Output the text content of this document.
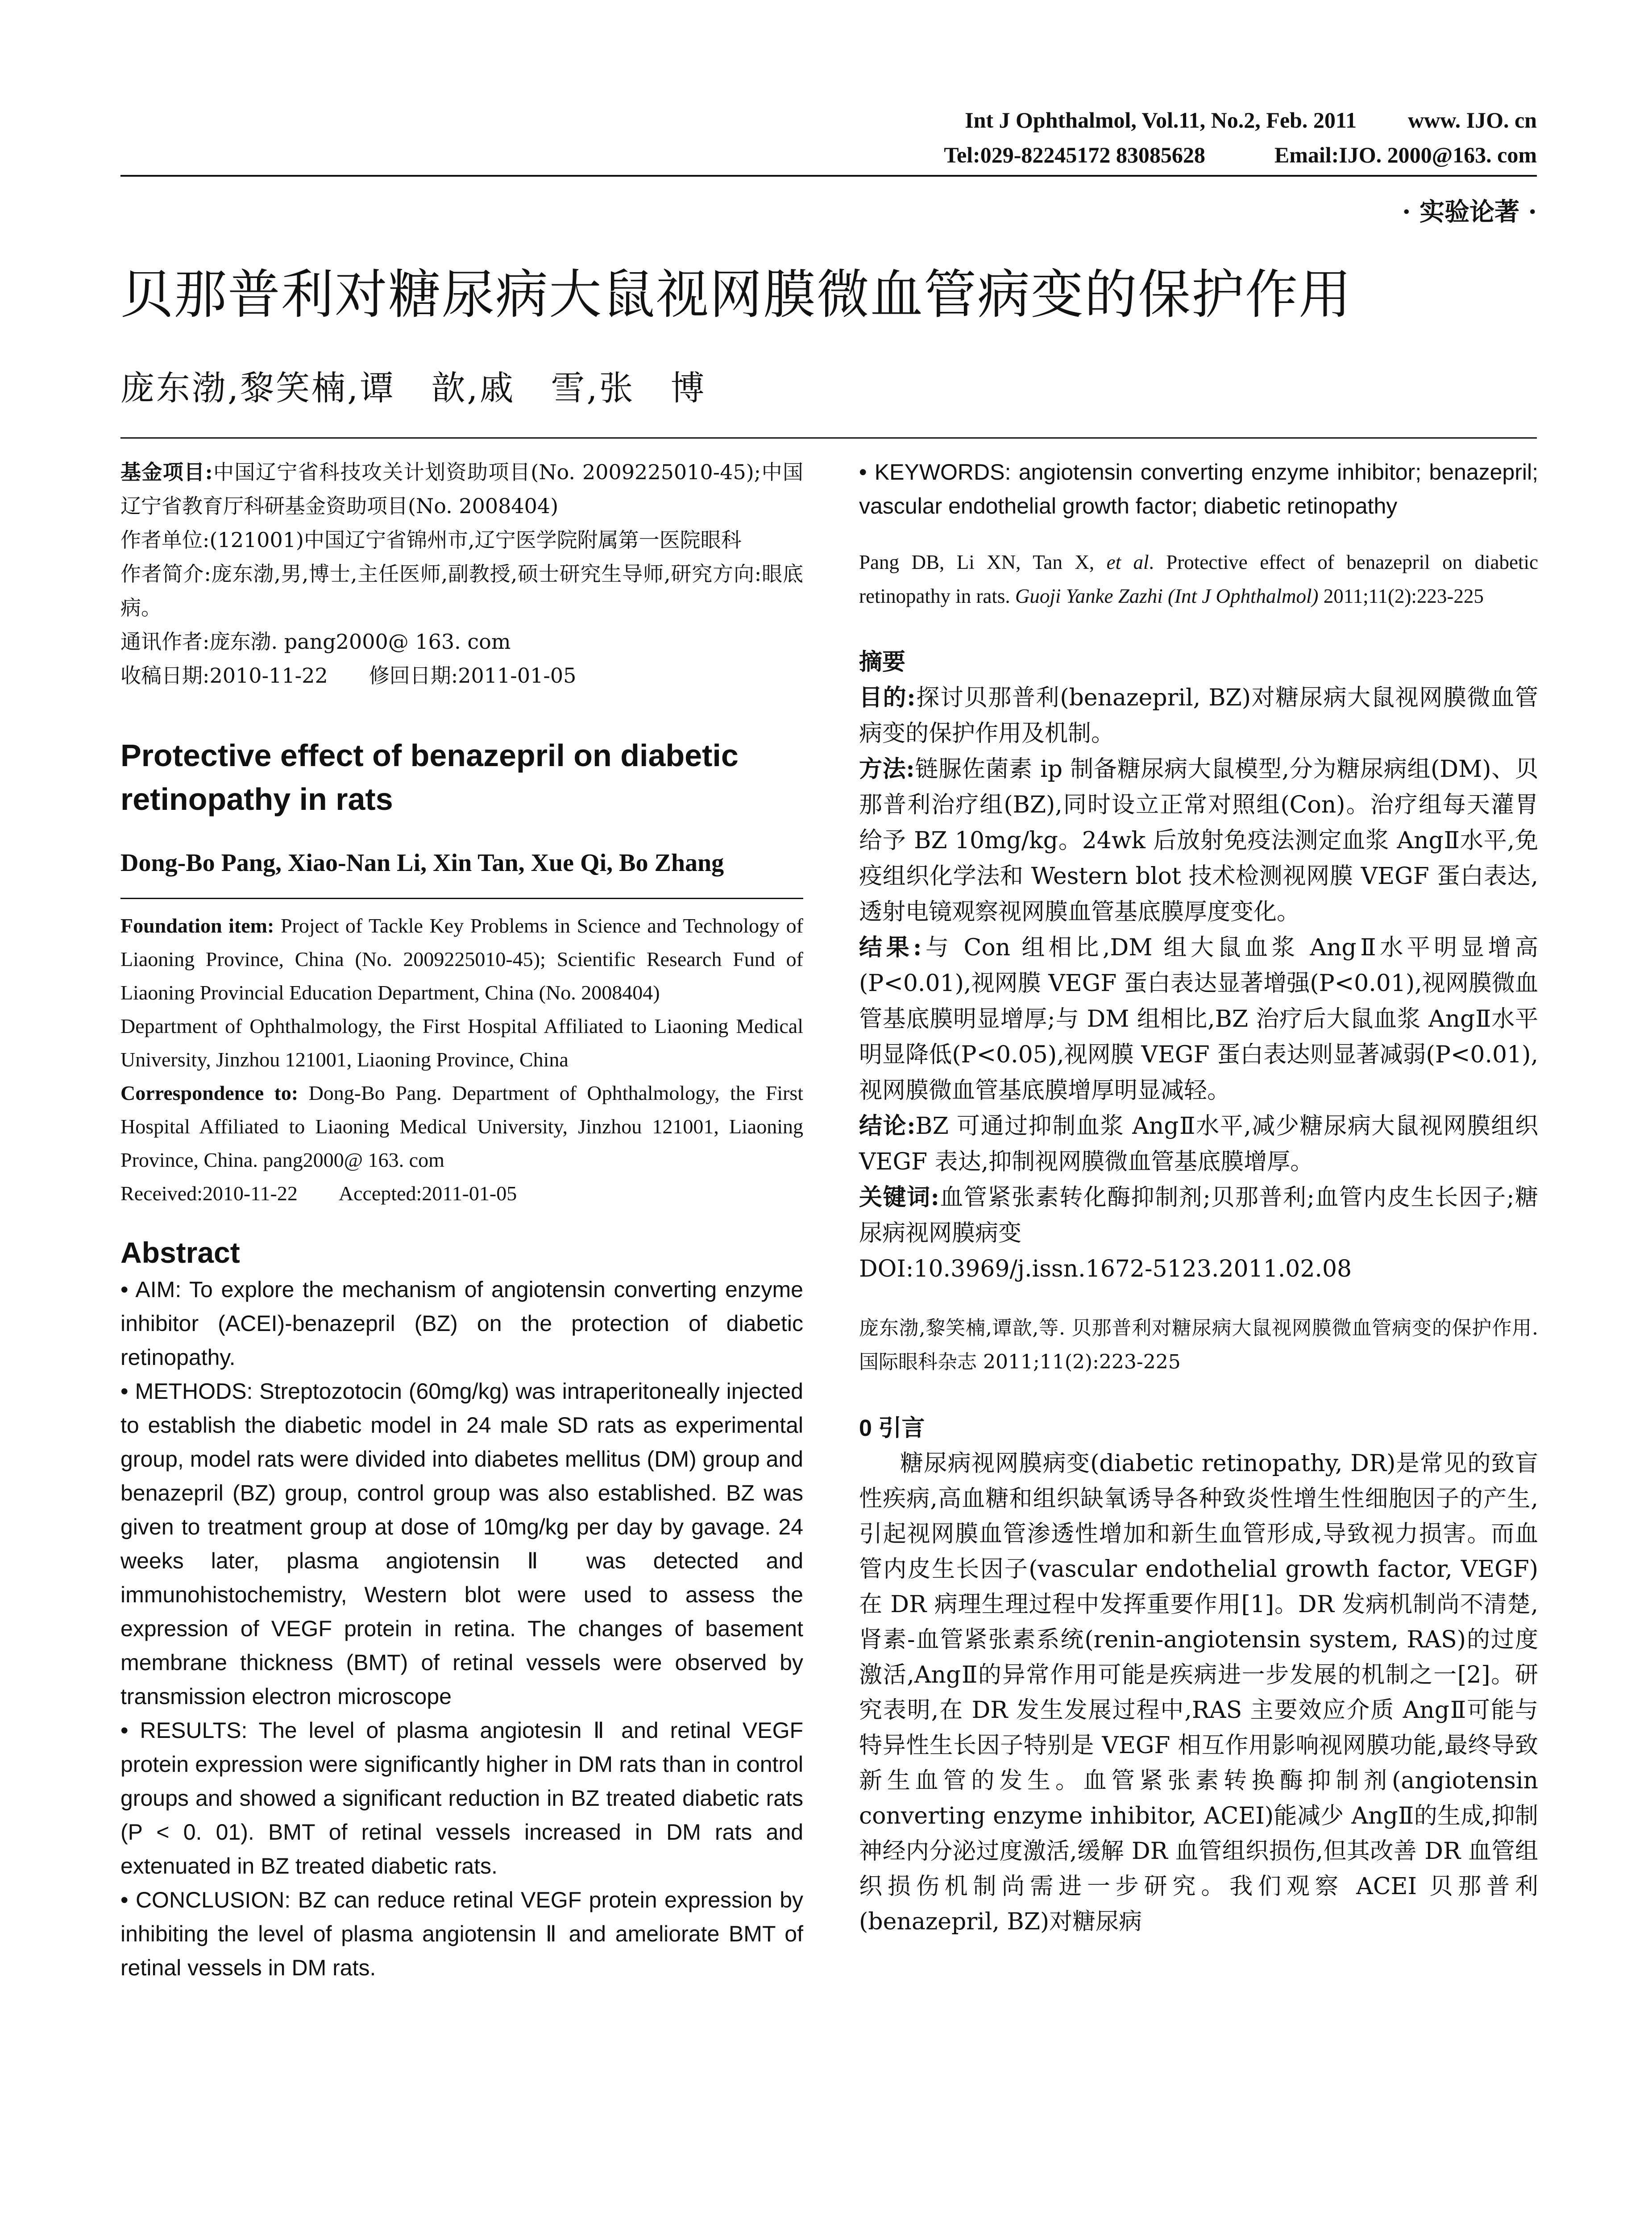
Int J Ophthalmol, Vol.11, No.2, Feb. 2011 www. IJO. cn
Tel:029-82245172 83085628	Email:IJO. 2000@163. com
· 实验论著 ·
贝那普利对糖尿病大鼠视网膜微血管病变的保护作用
庞东渤,黎笑楠,谭　歆,戚　雪,张　博

基金项目:中国辽宁省科技攻关计划资助项目(No. 2009225010-45);中国辽宁省教育厅科研基金资助项目(No. 2008404)

作者单位:(121001)中国辽宁省锦州市,辽宁医学院附属第一医院眼科

作者简介:庞东渤,男,博士,主任医师,副教授,硕士研究生导师,研究方向:眼底病。

通讯作者:庞东渤. pang2000@ 163. com

收稿日期:2010-11-22　　修回日期:2011-01-05

Protective effect of benazepril on diabetic retinopathy in rats

Dong-Bo Pang, Xiao-Nan Li, Xin Tan, Xue Qi, Bo Zhang

Foundation item: Project of Tackle Key Problems in Science and Technology of Liaoning Province, China (No. 2009225010-45); Scientific Research Fund of Liaoning Provincial Education Department, China (No. 2008404)

Department of Ophthalmology, the First Hospital Affiliated to Liaoning Medical University, Jinzhou 121001, Liaoning Province, China

Correspondence to: Dong-Bo Pang. Department of Ophthalmology, the First Hospital Affiliated to Liaoning Medical University, Jinzhou 121001, Liaoning Province, China. pang2000@ 163. com

Received:2010-11-22　　Accepted:2011-01-05

Abstract

• AIM: To explore the mechanism of angiotensin converting enzyme inhibitor (ACEI)-benazepril (BZ) on the protection of diabetic retinopathy.

• METHODS: Streptozotocin (60mg/kg) was intraperitoneally injected to establish the diabetic model in 24 male SD rats as experimental group, model rats were divided into diabetes mellitus (DM) group and benazepril (BZ) group, control group was also established. BZ was given to treatment group at dose of 10mg/kg per day by gavage. 24 weeks later, plasma angiotensin Ⅱ was detected and immunohistochemistry, Western blot were used to assess the expression of VEGF protein in retina. The changes of basement membrane thickness (BMT) of retinal vessels were observed by transmission electron microscope

• RESULTS: The level of plasma angiotesin Ⅱ and retinal VEGF protein expression were significantly higher in DM rats than in control groups and showed a significant reduction in BZ treated diabetic rats (P < 0. 01). BMT of retinal vessels increased in DM rats and extenuated in BZ treated diabetic rats.

• CONCLUSION: BZ can reduce retinal VEGF protein expression by inhibiting the level of plasma angiotensin Ⅱ and ameliorate BMT of retinal vessels in DM rats.

• KEYWORDS: angiotensin converting enzyme inhibitor; benazepril; vascular endothelial growth factor; diabetic retinopathy

Pang DB, Li XN, Tan X, et al. Protective effect of benazepril on diabetic retinopathy in rats. Guoji Yanke Zazhi (Int J Ophthalmol) 2011;11(2):223-225

摘要

目的:探讨贝那普利(benazepril, BZ)对糖尿病大鼠视网膜微血管病变的保护作用及机制。

方法:链脲佐菌素 ip 制备糖尿病大鼠模型,分为糖尿病组(DM)、贝那普利治疗组(BZ),同时设立正常对照组(Con)。治疗组每天灌胃给予 BZ 10mg/kg。24wk 后放射免疫法测定血浆 AngⅡ水平,免疫组织化学法和 Western blot 技术检测视网膜 VEGF 蛋白表达,透射电镜观察视网膜血管基底膜厚度变化。

结果:与 Con 组相比,DM 组大鼠血浆 AngⅡ水平明显增高(P<0.01),视网膜 VEGF 蛋白表达显著增强(P<0.01),视网膜微血管基底膜明显增厚;与 DM 组相比,BZ 治疗后大鼠血浆 AngⅡ水平明显降低(P<0.05),视网膜 VEGF 蛋白表达则显著减弱(P<0.01),视网膜微血管基底膜增厚明显减轻。

结论:BZ 可通过抑制血浆 AngⅡ水平,减少糖尿病大鼠视网膜组织 VEGF 表达,抑制视网膜微血管基底膜增厚。

关键词:血管紧张素转化酶抑制剂;贝那普利;血管内皮生长因子;糖尿病视网膜病变

DOI:10.3969/j.issn.1672-5123.2011.02.08

庞东渤,黎笑楠,谭歆,等. 贝那普利对糖尿病大鼠视网膜微血管病变的保护作用. 国际眼科杂志 2011;11(2):223-225

0 引言

糖尿病视网膜病变(diabetic retinopathy, DR)是常见的致盲性疾病,高血糖和组织缺氧诱导各种致炎性增生性细胞因子的产生,引起视网膜血管渗透性增加和新生血管形成,导致视力损害。而血管内皮生长因子(vascular endothelial growth factor, VEGF)在 DR 病理生理过程中发挥重要作用[1]。DR 发病机制尚不清楚,肾素-血管紧张素系统(renin-angiotensin system, RAS)的过度激活,AngⅡ的异常作用可能是疾病进一步发展的机制之一[2]。研究表明,在 DR 发生发展过程中,RAS 主要效应介质 AngⅡ可能与特异性生长因子特别是 VEGF 相互作用影响视网膜功能,最终导致新生血管的发生。血管紧张素转换酶抑制剂(angiotensin converting enzyme inhibitor, ACEI)能减少 AngⅡ的生成,抑制神经内分泌过度激活,缓解 DR 血管组织损伤,但其改善 DR 血管组织损伤机制尚需进一步研究。我们观察 ACEI 贝那普利(benazepril, BZ)对糖尿病
